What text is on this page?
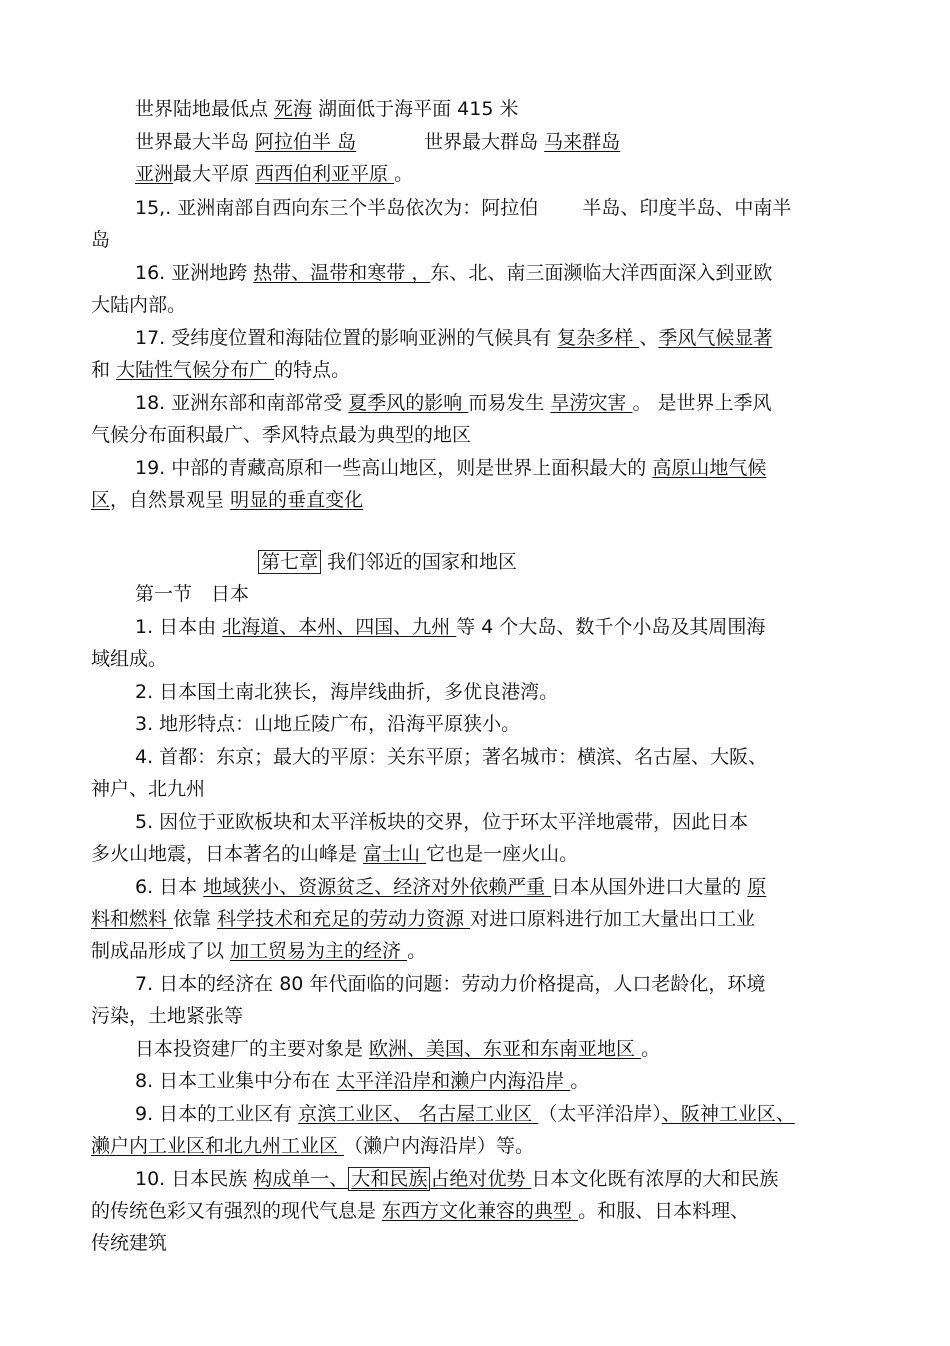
世界陆地最低点 死海 湖面低于海平面 415 米
世界最大半岛 阿拉伯半 岛	世界最大群岛 马来群岛
亚洲最大平原 西西伯利亚平原 。
15,. 亚洲南部自西向东三个半岛依次为：阿拉伯　　 半岛、印度半岛、中南半
岛
16. 亚洲地跨 热带、温带和寒带 ，东、北、南三面濒临大洋西面深入到亚欧
大陆内部。
17. 受纬度位置和海陆位置的影响亚洲的气候具有 复杂多样 、季风气候显著
和 大陆性气候分布广 的特点。
18. 亚洲东部和南部常受 夏季风的影响 而易发生 旱涝灾害 。 是世界上季风
气候分布面积最广、季风特点最为典型的地区
19. 中部的青藏高原和一些高山地区，则是世界上面积最大的 高原山地气候
区，自然景观呈 明显的垂直变化
第七章 我们邻近的国家和地区
第一节　日本
1. 日本由 北海道、本州、四国、九州 等 4 个大岛、数千个小岛及其周围海
域组成。
2. 日本国土南北狭长，海岸线曲折，多优良港湾。
3. 地形特点：山地丘陵广布，沿海平原狭小。
4. 首都：东京；最大的平原：关东平原；著名城市：横滨、名古屋、大阪、
神户、北九州
5. 因位于亚欧板块和太平洋板块的交界，位于环太平洋地震带，因此日本
多火山地震，日本著名的山峰是 富士山 它也是一座火山。
6. 日本 地域狭小、资源贫乏、经济对外依赖严重 日本从国外进口大量的 原
料和燃料 依靠 科学技术和充足的劳动力资源 对进口原料进行加工大量出口工业
制成品形成了以 加工贸易为主的经济 。
7. 日本的经济在 80 年代面临的问题：劳动力价格提高，人口老龄化，环境
污染，土地紧张等
日本投资建厂的主要对象是 欧洲、美国、东亚和东南亚地区 。
8. 日本工业集中分布在 太平洋沿岸和濑户内海沿岸 。
9. 日本的工业区有 京滨工业区、 名古屋工业区 （太平洋沿岸）、阪神工业区、
濑户内工业区和北九州工业区 （濑户内海沿岸）等。
10. 日本民族 构成单一、 大和民族 占绝对优势 日本文化既有浓厚的大和民族
的传统色彩又有强烈的现代气息是 东西方文化兼容的典型 。和服、日本料理、
传统建筑
